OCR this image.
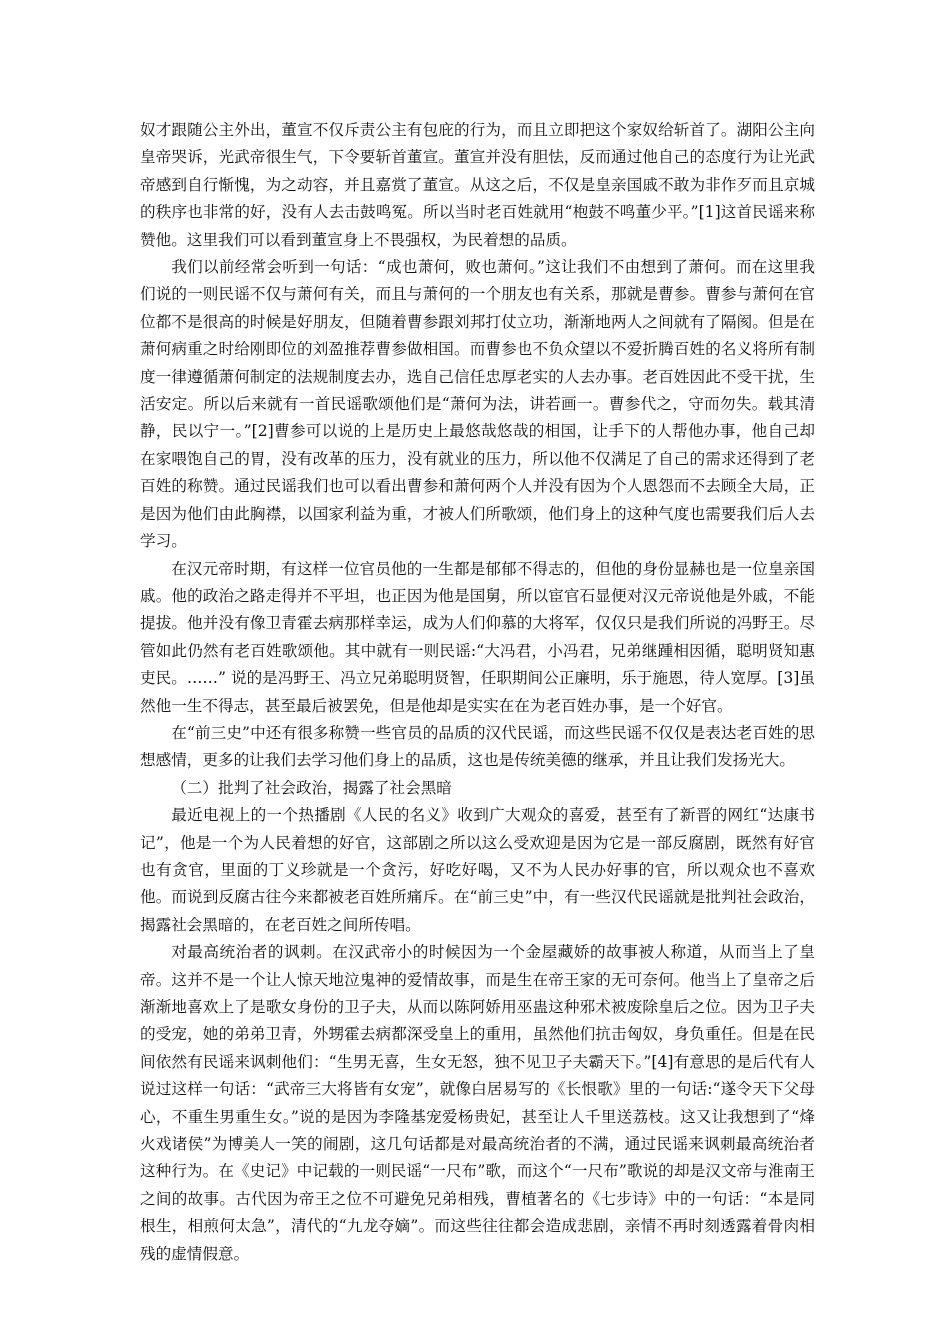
奴才跟随公主外出，董宣不仅斥责公主有包庇的行为，而且立即把这个家奴给斩首了。湖阳公主向皇帝哭诉，光武帝很生气，下令要斩首董宣。董宣并没有胆怯，反而通过他自己的态度行为让光武帝感到自行惭愧，为之动容，并且嘉赏了董宣。从这之后，不仅是皇亲国戚不敢为非作歹而且京城的秩序也非常的好，没有人去击鼓鸣冤。所以当时老百姓就用“枹鼓不鸣董少平。”[1]这首民谣来称赞他。这里我们可以看到董宣身上不畏强权，为民着想的品质。

我们以前经常会听到一句话：“成也萧何，败也萧何。”这让我们不由想到了萧何。而在这里我们说的一则民谣不仅与萧何有关，而且与萧何的一个朋友也有关系，那就是曹参。曹参与萧何在官位都不是很高的时候是好朋友，但随着曹参跟刘邦打仗立功，渐渐地两人之间就有了隔阂。但是在萧何病重之时给刚即位的刘盈推荐曹参做相国。而曹参也不负众望以不爱折腾百姓的名义将所有制度一律遵循萧何制定的法规制度去办，选自己信任忠厚老实的人去办事。老百姓因此不受干扰，生活安定。所以后来就有一首民谣歌颂他们是“萧何为法，讲若画一。曹参代之，守而勿失。载其清静，民以宁一。”[2]曹参可以说的上是历史上最悠哉悠哉的相国，让手下的人帮他办事，他自己却在家喂饱自己的胃，没有改革的压力，没有就业的压力，所以他不仅满足了自己的需求还得到了老百姓的称赞。通过民谣我们也可以看出曹参和萧何两个人并没有因为个人恩怨而不去顾全大局，正是因为他们由此胸襟，以国家利益为重，才被人们所歌颂，他们身上的这种气度也需要我们后人去学习。

在汉元帝时期，有这样一位官员他的一生都是郁郁不得志的，但他的身份显赫也是一位皇亲国戚。他的政治之路走得并不平坦，也正因为他是国舅，所以宦官石显便对汉元帝说他是外戚，不能提拔。他并没有像卫青霍去病那样幸运，成为人们仰慕的大将军，仅仅只是我们所说的冯野王。尽管如此仍然有老百姓歌颂他。其中就有一则民谣:“大冯君，小冯君，兄弟继踵相因循，聪明贤知惠吏民。……” 说的是冯野王、冯立兄弟聪明贤智，任职期间公正廉明，乐于施恩，待人宽厚。[3]虽然他一生不得志，甚至最后被罢免，但是他却是实实在在为老百姓办事，是一个好官。

在“前三史”中还有很多称赞一些官员的品质的汉代民谣，而这些民谣不仅仅是表达老百姓的思想感情，更多的让我们去学习他们身上的品质，这也是传统美德的继承，并且让我们发扬光大。

（二）批判了社会政治，揭露了社会黑暗

最近电视上的一个热播剧《人民的名义》收到广大观众的喜爱，甚至有了新晋的网红“达康书记”，他是一个为人民着想的好官，这部剧之所以这么受欢迎是因为它是一部反腐剧，既然有好官也有贪官，里面的丁义珍就是一个贪污，好吃好喝，又不为人民办好事的官，所以观众也不喜欢他。而说到反腐古往今来都被老百姓所痛斥。在“前三史”中，有一些汉代民谣就是批判社会政治，揭露社会黑暗的，在老百姓之间所传唱。

对最高统治者的讽刺。在汉武帝小的时候因为一个金屋藏娇的故事被人称道，从而当上了皇帝。这并不是一个让人惊天地泣鬼神的爱情故事，而是生在帝王家的无可奈何。他当上了皇帝之后渐渐地喜欢上了是歌女身份的卫子夫，从而以陈阿娇用巫蛊这种邪术被废除皇后之位。因为卫子夫的受宠，她的弟弟卫青，外甥霍去病都深受皇上的重用，虽然他们抗击匈奴，身负重任。但是在民间依然有民谣来讽刺他们：“生男无喜，生女无怒，独不见卫子夫霸天下。”[4]有意思的是后代有人说过这样一句话：“武帝三大将皆有女宠”，就像白居易写的《长恨歌》里的一句话:“遂令天下父母心，不重生男重生女。”说的是因为李隆基宠爱杨贵妃，甚至让人千里送荔枝。这又让我想到了“烽火戏诸侯”为博美人一笑的闹剧，这几句话都是对最高统治者的不满，通过民谣来讽刺最高统治者这种行为。在《史记》中记载的一则民谣“一尺布”歌，而这个“一尺布”歌说的却是汉文帝与淮南王之间的故事。古代因为帝王之位不可避免兄弟相残，曹植著名的《七步诗》中的一句话：“本是同根生，相煎何太急”，清代的“九龙夺嫡”。而这些往往都会造成悲剧，亲情不再时刻透露着骨肉相残的虚情假意。
